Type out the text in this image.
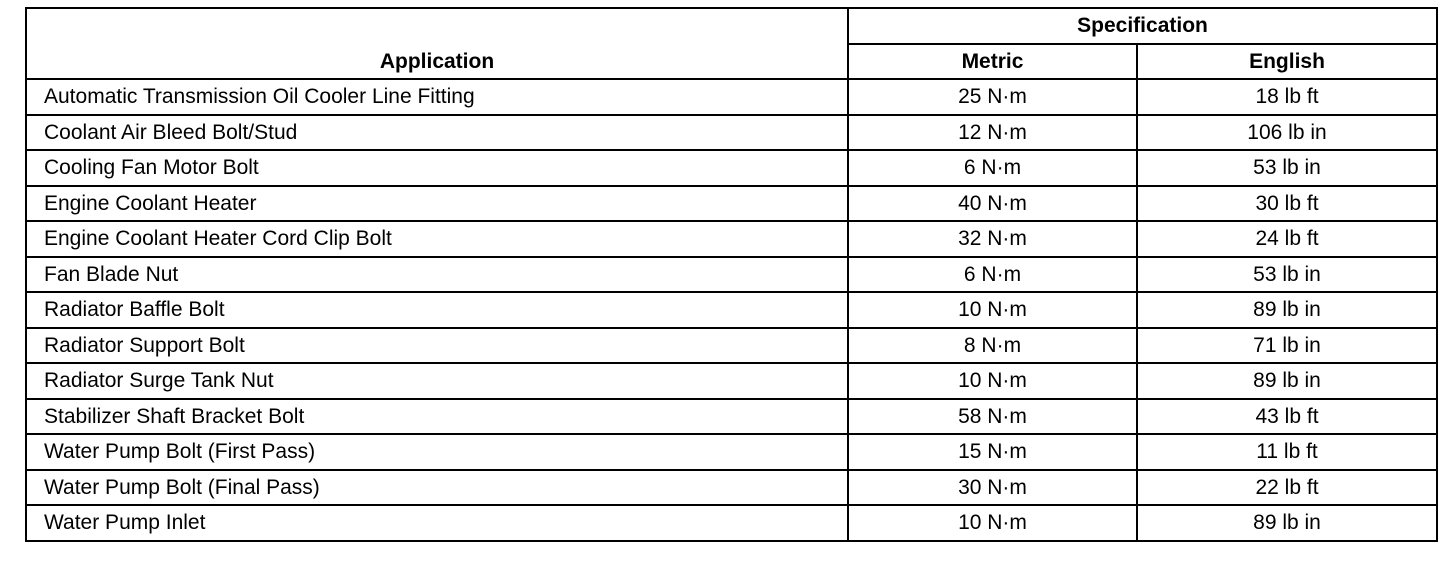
Application	Specification	
	Metric	English
Automatic Transmission Oil Cooler Line Fitting	25 N·m	18 lb ft
Coolant Air Bleed Bolt/Stud	12 N·m	106 lb in
Cooling Fan Motor Bolt	6 N·m	53 lb in
Engine Coolant Heater	40 N·m	30 lb ft
Engine Coolant Heater Cord Clip Bolt	32 N·m	24 lb ft
Fan Blade Nut	6 N·m	53 lb in
Radiator Baffle Bolt	10 N·m	89 lb in
Radiator Support Bolt	8 N·m	71 lb in
Radiator Surge Tank Nut	10 N·m	89 lb in
Stabilizer Shaft Bracket Bolt	58 N·m	43 lb ft
Water Pump Bolt (First Pass)	15 N·m	11 lb ft
Water Pump Bolt (Final Pass)	30 N·m	22 lb ft
Water Pump Inlet	10 N·m	89 lb in
